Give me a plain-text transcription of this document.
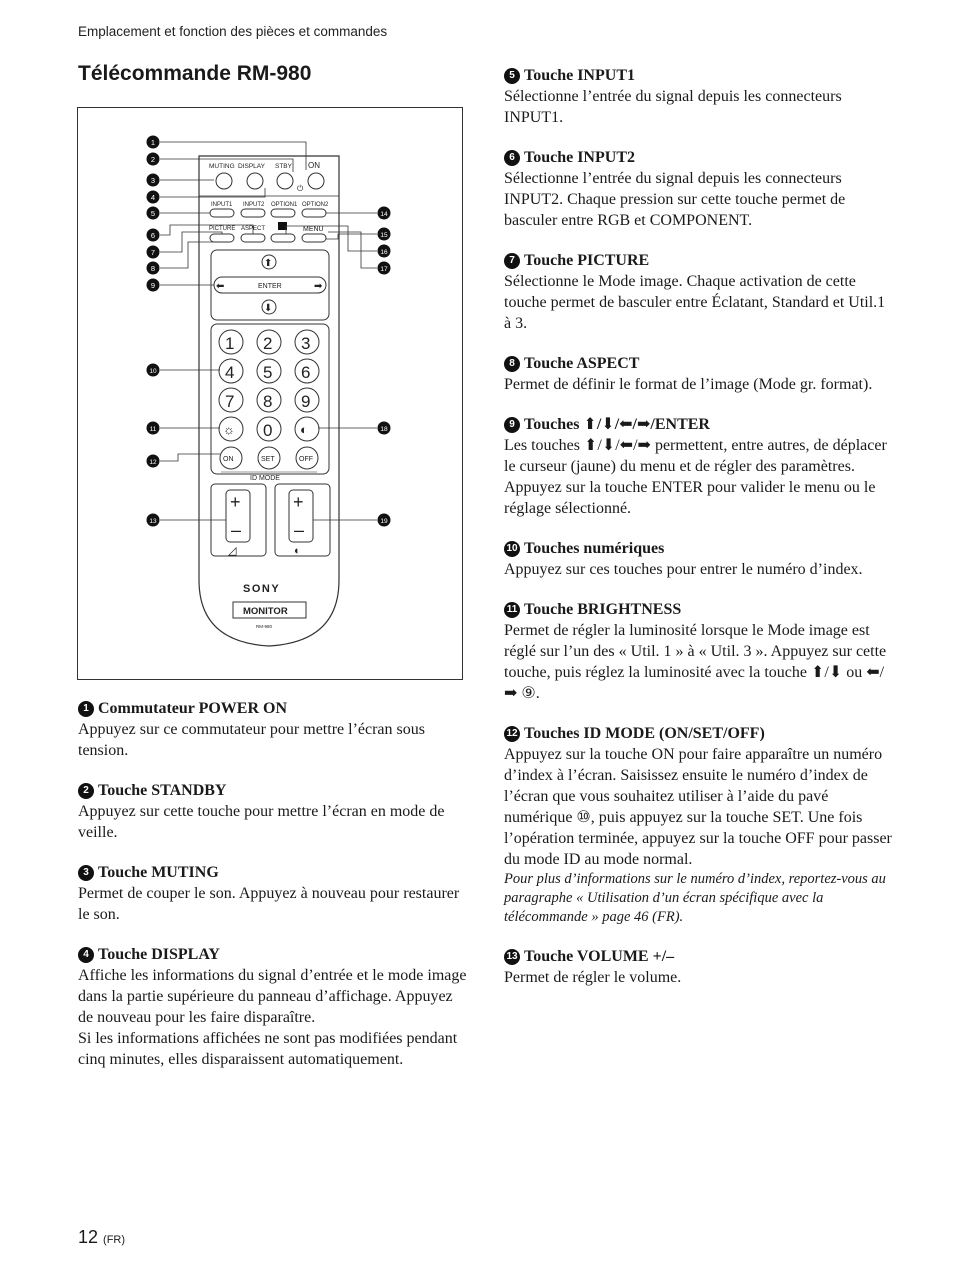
Emplacement et fonction des pièces et commandes
Télécommande RM-980
MUTING DISPLAY STBY ON
⏻
INPUT1 INPUT2 OPTION1 OPTION2
PICTURE ASPECT	MENU
⬆
⬅	➡
ENTER
⬇
1 2 3
4 5 6
7 8 9
0
☼	◐
ON	SET	OFF
ID MODE
+
–
◿
+
–
◐
SONY
MONITOR
RM-980
1
2
3
4
5
6
7
8
9
10
11
12
13
14
15
16
17
18
19
1 Commutateur POWER ON

Appuyez sur ce commutateur pour mettre l’écran sous tension.

2 Touche STANDBY

Appuyez sur cette touche pour mettre l’écran en mode de veille.

3 Touche MUTING

Permet de couper le son. Appuyez à nouveau pour restaurer le son.

4 Touche DISPLAY

Affiche les informations du signal d’entrée et le mode image dans la partie supérieure du panneau d’affichage. Appuyez de nouveau pour les faire disparaître.

Si les informations affichées ne sont pas modifiées pendant cinq minutes, elles disparaissent automatiquement.

5 Touche INPUT1

Sélectionne l’entrée du signal depuis les connecteurs INPUT1.

6 Touche INPUT2

Sélectionne l’entrée du signal depuis les connecteurs INPUT2. Chaque pression sur cette touche permet de basculer entre RGB et COMPONENT.

7 Touche PICTURE

Sélectionne le Mode image. Chaque activation de cette touche permet de basculer entre Éclatant, Standard et Util.1 à 3.

8 Touche ASPECT

Permet de définir le format de l’image (Mode gr. format).

9 Touches ⬆/⬇/⬅/➡/ENTER

Les touches ⬆/⬇/⬅/➡ permettent, entre autres, de déplacer le curseur (jaune) du menu et de régler des paramètres. Appuyez sur la touche ENTER pour valider le menu ou le réglage sélectionné.

10 Touches numériques

Appuyez sur ces touches pour entrer le numéro d’index.

11 Touche BRIGHTNESS

Permet de régler la luminosité lorsque le Mode image est réglé sur l’un des « Util. 1 » à « Util. 3 ». Appuyez sur cette touche, puis réglez la luminosité avec la touche ⬆/⬇ ou ⬅/➡ ⑨.

12 Touches ID MODE (ON/SET/OFF)

Appuyez sur la touche ON pour faire apparaître un numéro d’index à l’écran. Saisissez ensuite le numéro d’index de l’écran que vous souhaitez utiliser à l’aide du pavé numérique ⑩, puis appuyez sur la touche SET. Une fois l’opération terminée, appuyez sur la touche OFF pour passer du mode ID au mode normal.

Pour plus d’informations sur le numéro d’index, reportez-vous au paragraphe « Utilisation d’un écran spécifique avec la télécommande » page 46 (FR).

13 Touche VOLUME +/–

Permet de régler le volume.

12 (FR)
